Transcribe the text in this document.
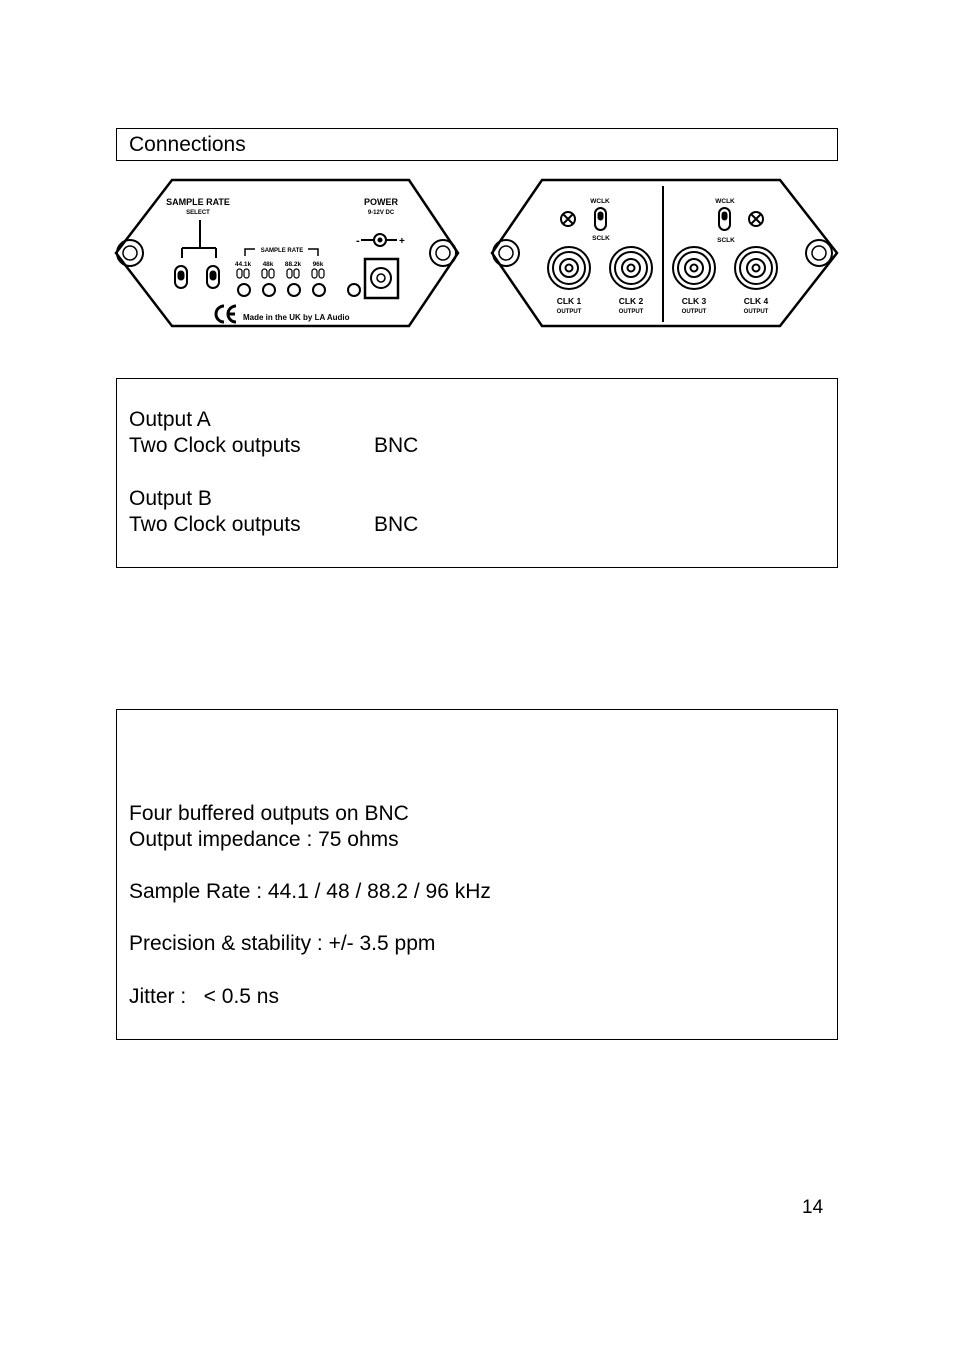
Connections
SAMPLE RATE
SELECT
POWER
9-12V DC
SAMPLE RATE
44.1k 48k 88.2k 96k
-	+
Made in the UK by LA Audio
WCLK
SCLK
WCLK
SCLK
CLK 1
OUTPUT
CLK 2
OUTPUT
CLK 3
OUTPUT
CLK 4
OUTPUT
Output A
Two Clock outputs	BNC
Output B
Two Clock outputs	BNC
Four buffered outputs on BNC
Output impedance : 75 ohms
Sample Rate : 44.1 / 48 / 88.2 / 96 kHz
Precision & stability : +/- 3.5 ppm
Jitter :   < 0.5 ns
14
